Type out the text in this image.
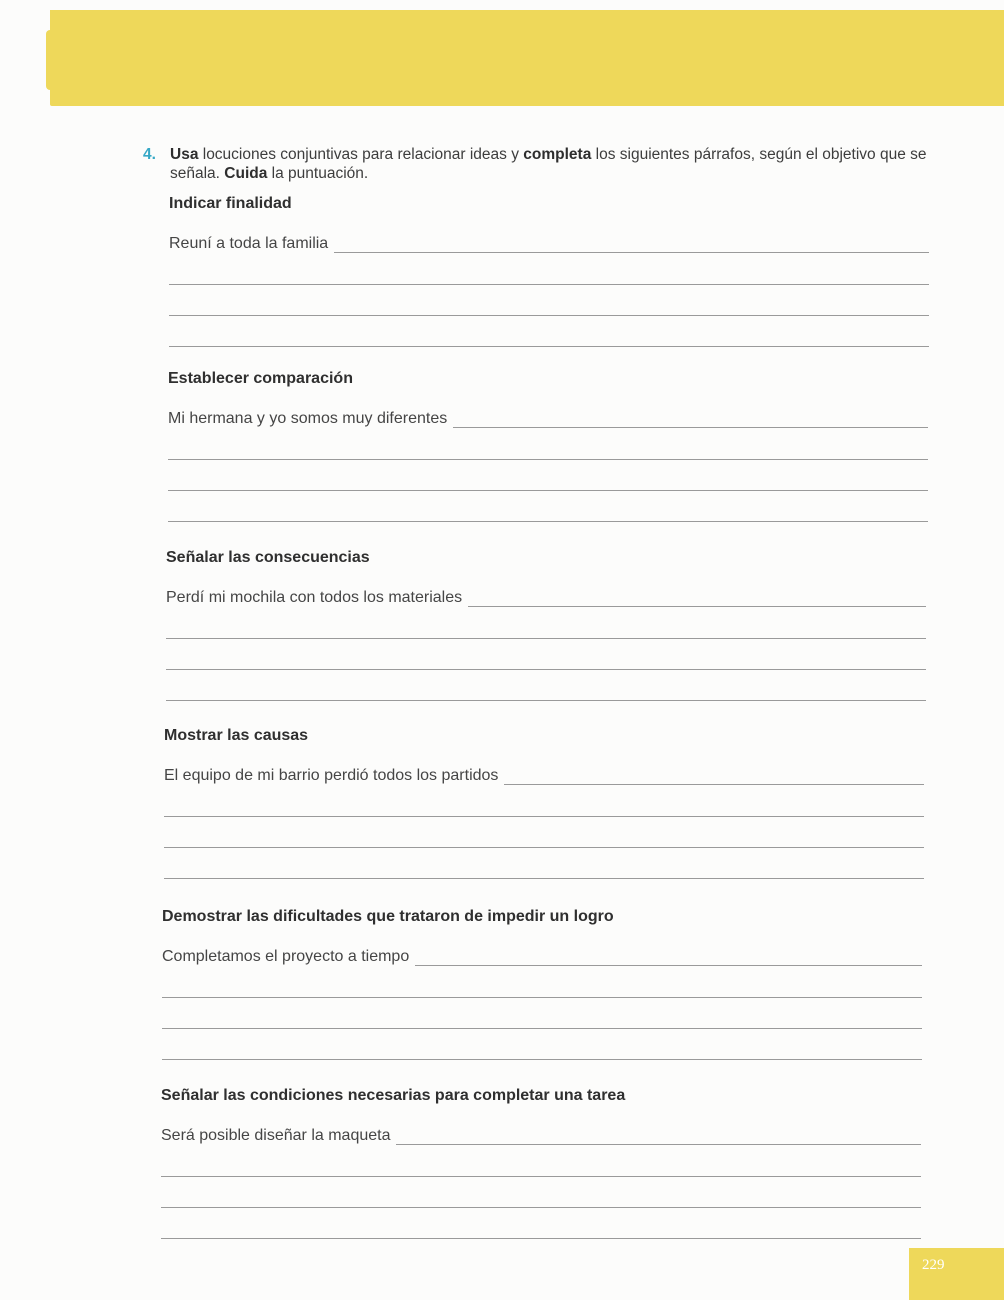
4. Usa locuciones conjuntivas para relacionar ideas y completa los siguientes párrafos, según el objetivo que se señala. Cuida la puntuación.
Indicar finalidad
Reuní a toda la familia
Establecer comparación
Mi hermana y yo somos muy diferentes
Señalar las consecuencias
Perdí mi mochila con todos los materiales
Mostrar las causas
El equipo de mi barrio perdió todos los partidos
Demostrar las dificultades que trataron de impedir un logro
Completamos el proyecto a tiempo
Señalar las condiciones necesarias para completar una tarea
Será posible diseñar la maqueta
229
